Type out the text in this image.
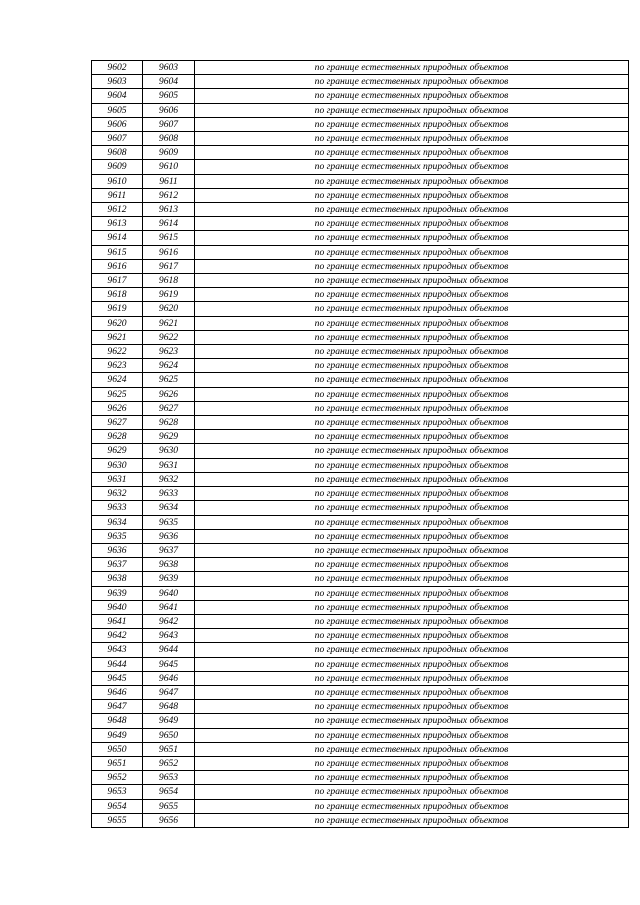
9602	9603	по границе естественных природных объектов
9603	9604	по границе естественных природных объектов
9604	9605	по границе естественных природных объектов
9605	9606	по границе естественных природных объектов
9606	9607	по границе естественных природных объектов
9607	9608	по границе естественных природных объектов
9608	9609	по границе естественных природных объектов
9609	9610	по границе естественных природных объектов
9610	9611	по границе естественных природных объектов
9611	9612	по границе естественных природных объектов
9612	9613	по границе естественных природных объектов
9613	9614	по границе естественных природных объектов
9614	9615	по границе естественных природных объектов
9615	9616	по границе естественных природных объектов
9616	9617	по границе естественных природных объектов
9617	9618	по границе естественных природных объектов
9618	9619	по границе естественных природных объектов
9619	9620	по границе естественных природных объектов
9620	9621	по границе естественных природных объектов
9621	9622	по границе естественных природных объектов
9622	9623	по границе естественных природных объектов
9623	9624	по границе естественных природных объектов
9624	9625	по границе естественных природных объектов
9625	9626	по границе естественных природных объектов
9626	9627	по границе естественных природных объектов
9627	9628	по границе естественных природных объектов
9628	9629	по границе естественных природных объектов
9629	9630	по границе естественных природных объектов
9630	9631	по границе естественных природных объектов
9631	9632	по границе естественных природных объектов
9632	9633	по границе естественных природных объектов
9633	9634	по границе естественных природных объектов
9634	9635	по границе естественных природных объектов
9635	9636	по границе естественных природных объектов
9636	9637	по границе естественных природных объектов
9637	9638	по границе естественных природных объектов
9638	9639	по границе естественных природных объектов
9639	9640	по границе естественных природных объектов
9640	9641	по границе естественных природных объектов
9641	9642	по границе естественных природных объектов
9642	9643	по границе естественных природных объектов
9643	9644	по границе естественных природных объектов
9644	9645	по границе естественных природных объектов
9645	9646	по границе естественных природных объектов
9646	9647	по границе естественных природных объектов
9647	9648	по границе естественных природных объектов
9648	9649	по границе естественных природных объектов
9649	9650	по границе естественных природных объектов
9650	9651	по границе естественных природных объектов
9651	9652	по границе естественных природных объектов
9652	9653	по границе естественных природных объектов
9653	9654	по границе естественных природных объектов
9654	9655	по границе естественных природных объектов
9655	9656	по границе естественных природных объектов
